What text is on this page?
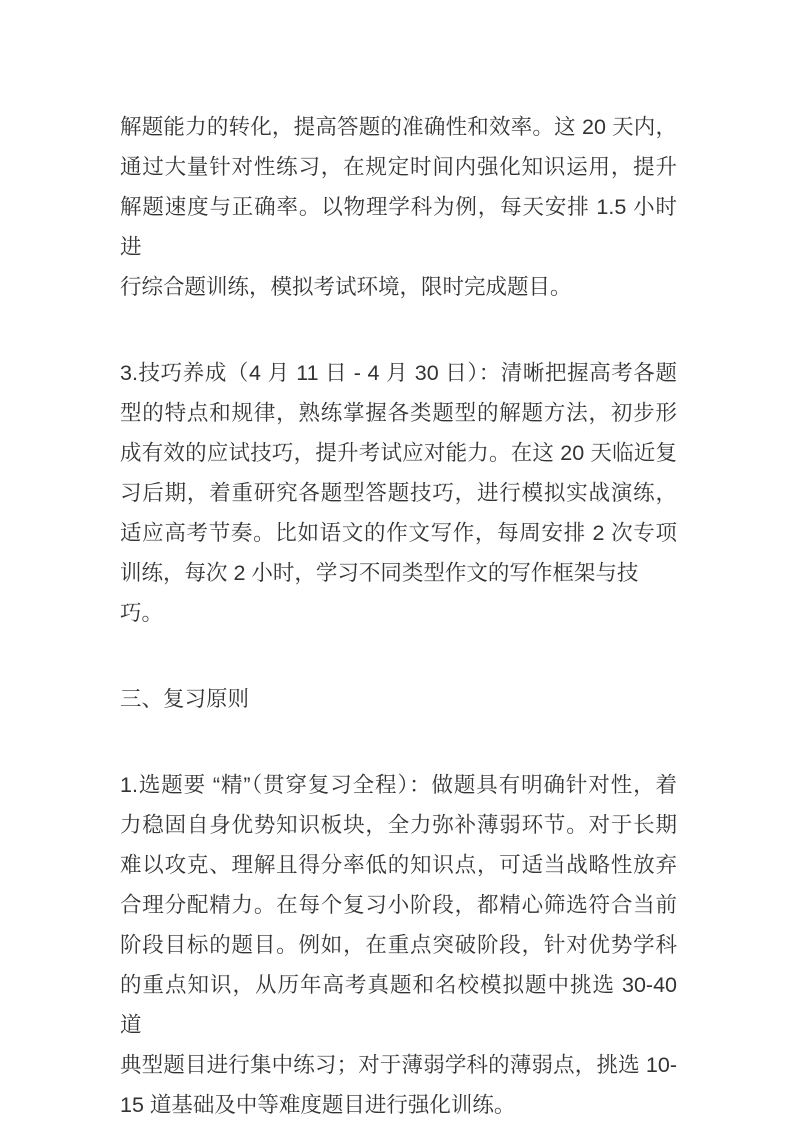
解题能力的转化，提高答题的准确性和效率。这 20 天内，
通过大量针对性练习，在规定时间内强化知识运用，提升
解题速度与正确率。以物理学科为例，每天安排 1.5 小时进
行综合题训练，模拟考试环境，限时完成题目。
3.技巧养成（4 月 11 日 - 4 月 30 日）：清晰把握高考各题
型的特点和规律，熟练掌握各类题型的解题方法，初步形
成有效的应试技巧，提升考试应对能力。在这 20 天临近复
习后期，着重研究各题型答题技巧，进行模拟实战演练，
适应高考节奏。比如语文的作文写作，每周安排 2 次专项
训练，每次 2 小时，学习不同类型作文的写作框架与技巧。
三、复习原则
1.选题要 “精”（贯穿复习全程）：做题具有明确针对性，着
力稳固自身优势知识板块，全力弥补薄弱环节。对于长期
难以攻克、理解且得分率低的知识点，可适当战略性放弃
合理分配精力。在每个复习小阶段，都精心筛选符合当前
阶段目标的题目。例如，在重点突破阶段，针对优势学科
的重点知识，从历年高考真题和名校模拟题中挑选 30-40 道
典型题目进行集中练习；对于薄弱学科的薄弱点，挑选 10-
15 道基础及中等难度题目进行强化训练。
